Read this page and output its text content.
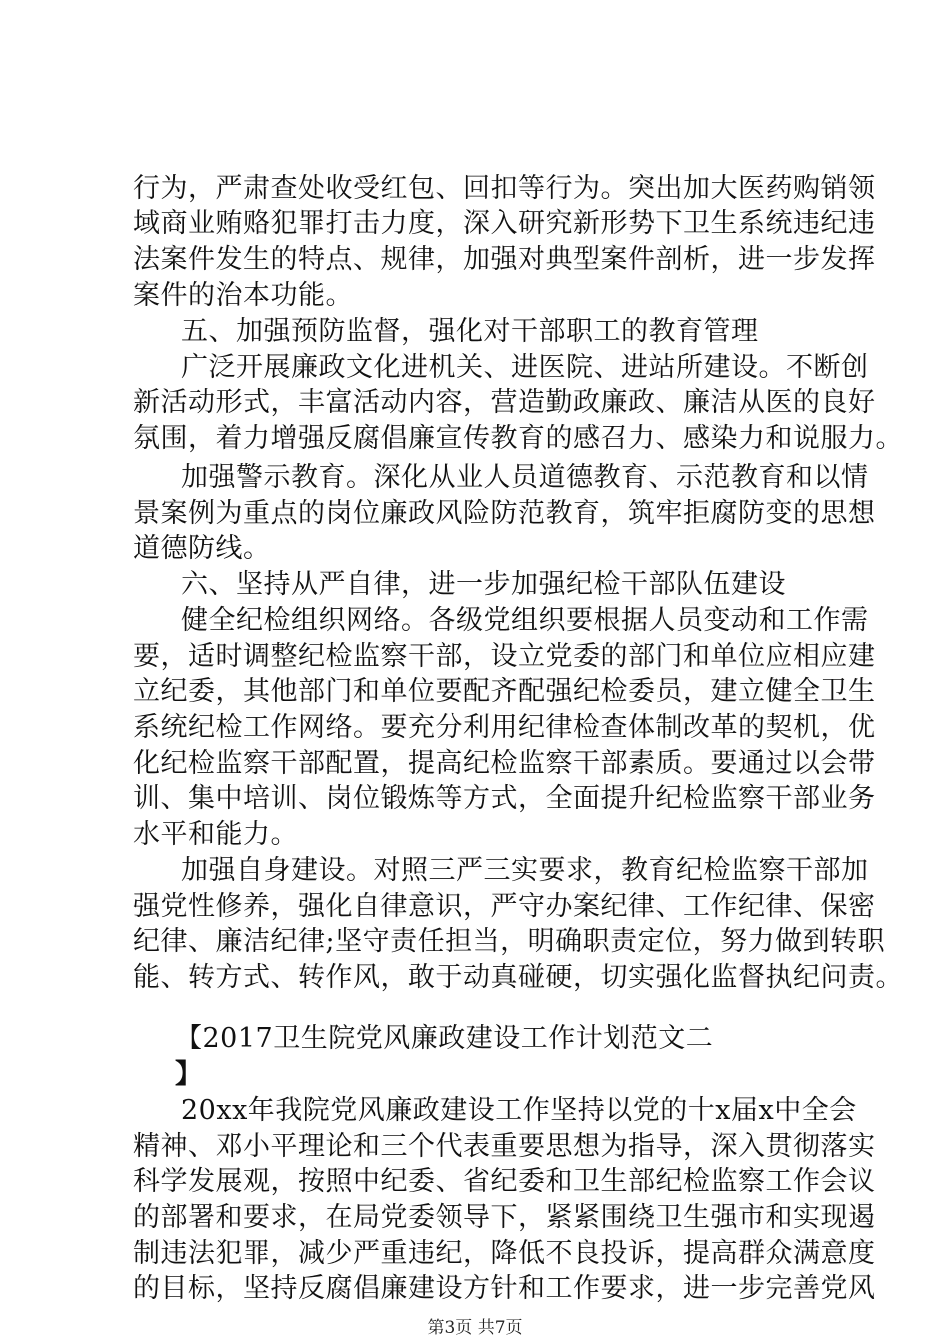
行为，严肃查处收受红包、回扣等行为。突出加大医药购销领
域商业贿赂犯罪打击力度，深入研究新形势下卫生系统违纪违
法案件发生的特点、规律，加强对典型案件剖析，进一步发挥
案件的治本功能。
五、加强预防监督，强化对干部职工的教育管理
广泛开展廉政文化进机关、进医院、进站所建设。不断创
新活动形式，丰富活动内容，营造勤政廉政、廉洁从医的良好
氛围，着力增强反腐倡廉宣传教育的感召力、感染力和说服力。
加强警示教育。深化从业人员道德教育、示范教育和以情
景案例为重点的岗位廉政风险防范教育，筑牢拒腐防变的思想
道德防线。
六、坚持从严自律，进一步加强纪检干部队伍建设
健全纪检组织网络。各级党组织要根据人员变动和工作需
要，适时调整纪检监察干部，设立党委的部门和单位应相应建
立纪委，其他部门和单位要配齐配强纪检委员，建立健全卫生
系统纪检工作网络。要充分利用纪律检查体制改革的契机，优
化纪检监察干部配置，提高纪检监察干部素质。要通过以会带
训、集中培训、岗位锻炼等方式，全面提升纪检监察干部业务
水平和能力。
加强自身建设。对照三严三实要求，教育纪检监察干部加
强党性修养，强化自律意识，严守办案纪律、工作纪律、保密
纪律、廉洁纪律;坚守责任担当，明确职责定位，努力做到转职
能、转方式、转作风，敢于动真碰硬，切实强化监督执纪问责。
【2017卫生院党风廉政建设工作计划范文二
】
20xx年我院党风廉政建设工作坚持以党的十x届x中全会
精神、邓小平理论和三个代表重要思想为指导，深入贯彻落实
科学发展观，按照中纪委、省纪委和卫生部纪检监察工作会议
的部署和要求，在局党委领导下，紧紧围绕卫生强市和实现遏
制违法犯罪，减少严重违纪，降低不良投诉，提高群众满意度
的目标，坚持反腐倡廉建设方针和工作要求，进一步完善党风
第3页 共7页
